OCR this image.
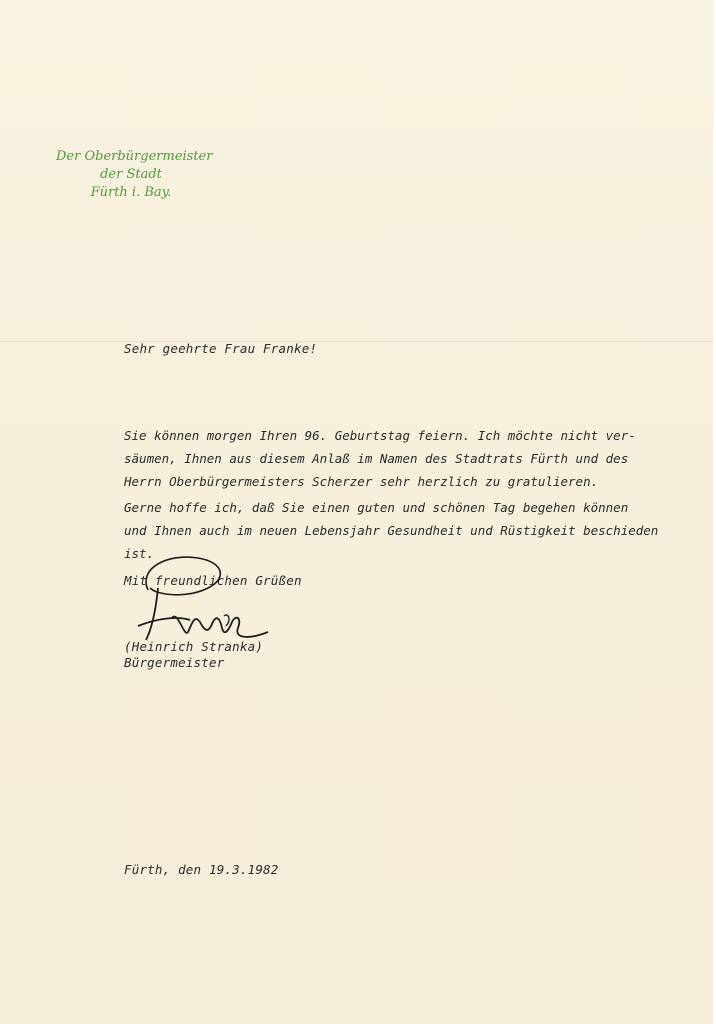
Der Oberbürgermeister
der Stadt
Fürth i. Bay.
Sehr geehrte Frau Franke!
Sie können morgen Ihren 96. Geburtstag feiern. Ich möchte nicht ver-
säumen, Ihnen aus diesem Anlaß im Namen des Stadtrats Fürth und des
Herrn Oberbürgermeisters Scherzer sehr herzlich zu gratulieren.
Gerne hoffe ich, daß Sie einen guten und schönen Tag begehen können
und Ihnen auch im neuen Lebensjahr Gesundheit und Rüstigkeit beschieden
ist.
Mit freundlichen Grüßen
(Heinrich Stranka)
Bürgermeister
Fürth, den 19.3.1982
